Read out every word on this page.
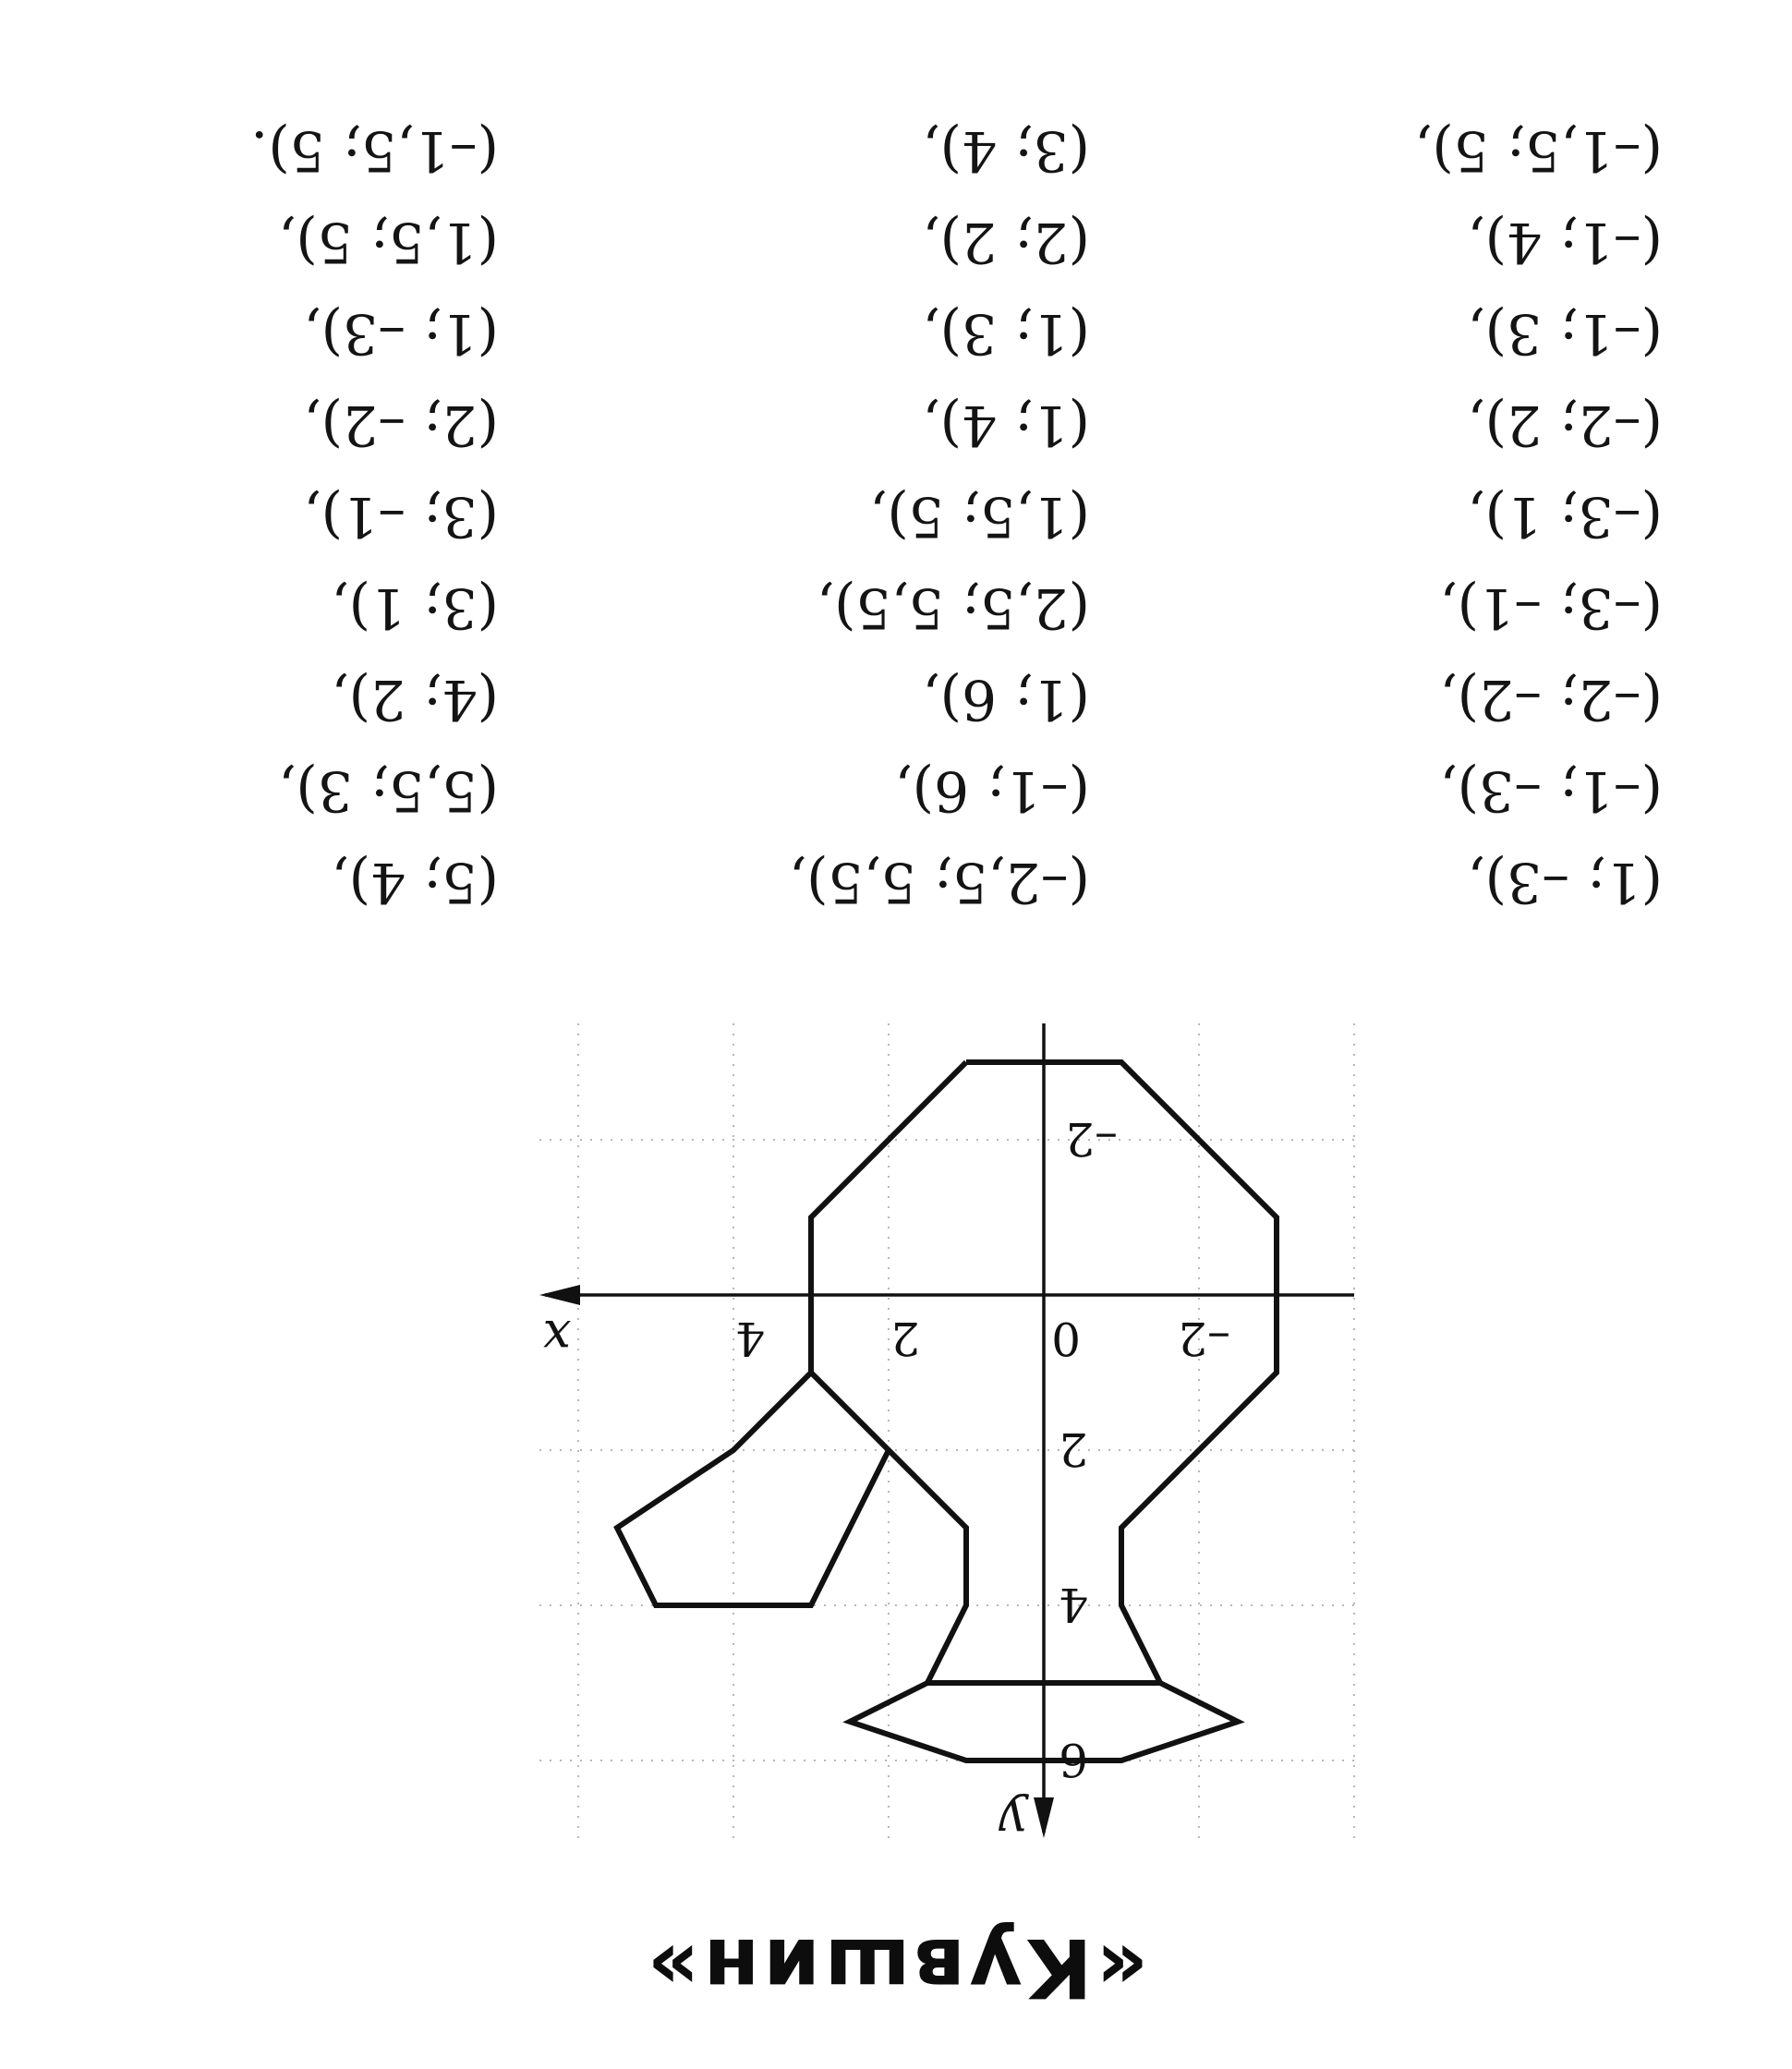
«Кувшин»
x
y
–2
0
2
4
–2
2
4
6
(1; –3),
(–1; –3),
(–2; –2),
(–3; –1),
(–3; 1),
(–2; 2),
(–1; 3),
(–1; 4),
(–1,5; 5),
(–2,5; 5,5),
(–1; 6),
(1; 6),
(2,5; 5,5),
(1,5; 5),
(1; 4),
(1; 3),
(2; 2),
(3; 4),
(5; 4),
(5,5; 3),
(4; 2),
(3; 1),
(3; –1),
(2; –2),
(1; –3),
(1,5; 5),
(–1,5; 5).
